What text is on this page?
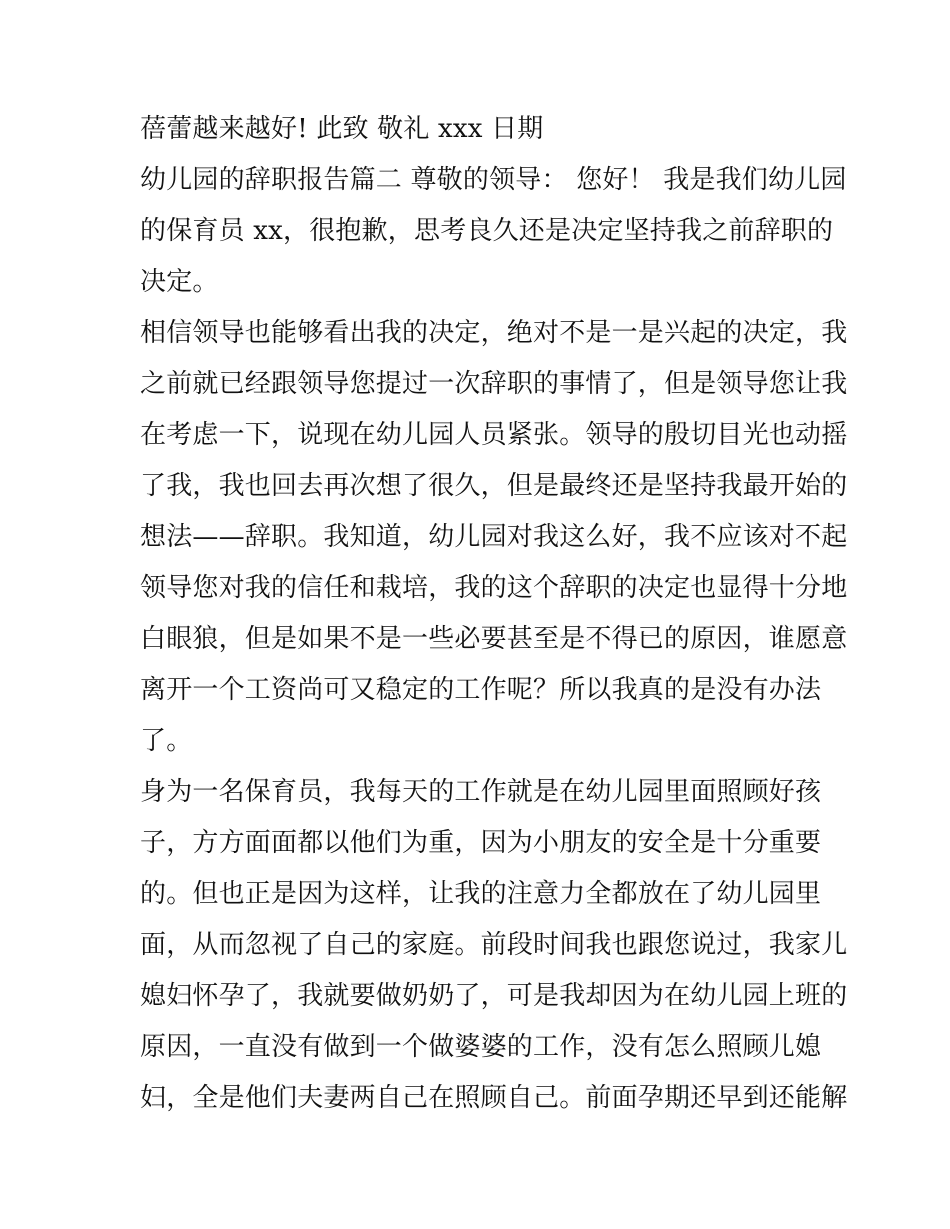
蓓蕾越来越好! 此致 敬礼 xxx 日期
幼儿园的辞职报告篇二 尊敬的领导： 您好！ 我是我们幼儿园
的保育员 xx，很抱歉，思考良久还是决定坚持我之前辞职的
决定。
相信领导也能够看出我的决定，绝对不是一是兴起的决定，我
之前就已经跟领导您提过一次辞职的事情了，但是领导您让我
在考虑一下，说现在幼儿园人员紧张。领导的殷切目光也动摇
了我，我也回去再次想了很久，但是最终还是坚持我最开始的
想法——辞职。我知道，幼儿园对我这么好，我不应该对不起
领导您对我的信任和栽培，我的这个辞职的决定也显得十分地
白眼狼，但是如果不是一些必要甚至是不得已的原因，谁愿意
离开一个工资尚可又稳定的工作呢？所以我真的是没有办法
了。
身为一名保育员，我每天的工作就是在幼儿园里面照顾好孩
子，方方面面都以他们为重，因为小朋友的安全是十分重要
的。但也正是因为这样，让我的注意力全都放在了幼儿园里
面，从而忽视了自己的家庭。前段时间我也跟您说过，我家儿
媳妇怀孕了，我就要做奶奶了，可是我却因为在幼儿园上班的
原因，一直没有做到一个做婆婆的工作，没有怎么照顾儿媳
妇，全是他们夫妻两自己在照顾自己。前面孕期还早到还能解
